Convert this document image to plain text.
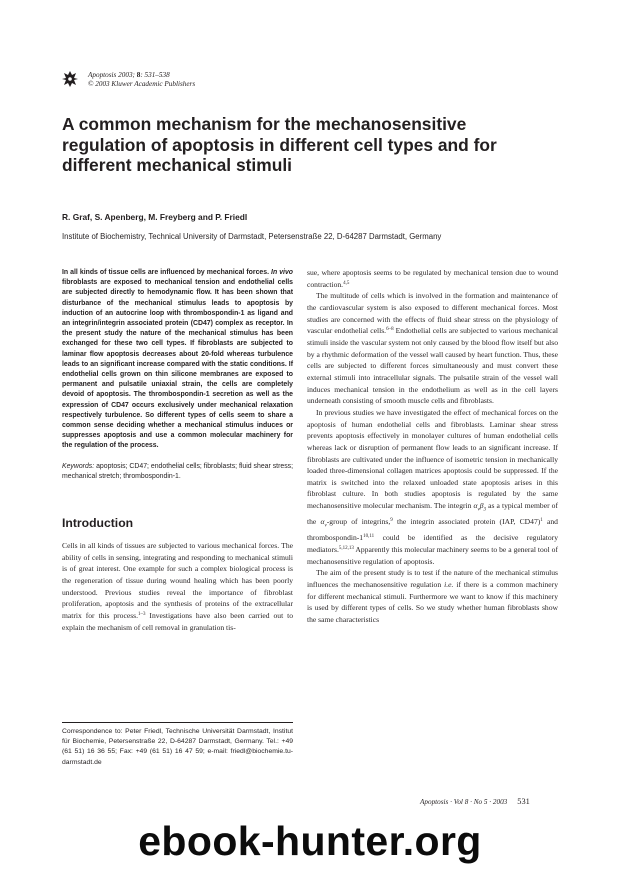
Apoptosis 2003; 8: 531–538
© 2003 Kluwer Academic Publishers
A common mechanism for the mechanosensitive regulation of apoptosis in different cell types and for different mechanical stimuli
R. Graf, S. Apenberg, M. Freyberg and P. Friedl
Institute of Biochemistry, Technical University of Darmstadt, Petersenstraße 22, D-64287 Darmstadt, Germany

In all kinds of tissue cells are influenced by mechanical forces. In vivo fibroblasts are exposed to mechanical tension and endothelial cells are subjected directly to hemodynamic flow. It has been shown that disturbance of the mechanical stimulus leads to apoptosis by induction of an autocrine loop with thrombospondin-1 as ligand and an integrin/integrin associated protein (CD47) complex as receptor. In the present study the nature of the mechanical stimulus has been exchanged for these two cell types. If fibroblasts are subjected to laminar flow apoptosis decreases about 20-fold whereas turbulence leads to an significant increase compared with the static conditions. If endothelial cells grown on thin silicone membranes are exposed to permanent and pulsatile uniaxial strain, the cells are completely devoid of apoptosis. The thrombospondin-1 secretion as well as the expression of CD47 occurs exclusively under mechanical relaxation respectively turbulence. So different types of cells seem to share a common sense deciding whether a mechanical stimulus induces or suppresses apoptosis and use a common molecular machinery for the regulation of the process.

Keywords: apoptosis; CD47; endothelial cells; fibroblasts; fluid shear stress; mechanical stretch; thrombospondin-1.

Introduction

Cells in all kinds of tissues are subjected to various mechanical forces. The ability of cells in sensing, integrating and responding to mechanical stimuli is of great interest. One example for such a complex biological process is the regeneration of tissue during wound healing which has been poorly understood. Previous studies reveal the importance of fibroblast proliferation, apoptosis and the synthesis of proteins of the extracellular matrix for this process.$^{1-3}$ Investigations have also been carried out to explain the mechanism of cell removal in granulation tis-

Correspondence to: Peter Friedl, Technische Universität Darmstadt, Institut für Biochemie, Petersenstraße 22, D-64287 Darmstadt, Germany. Tel.: +49 (61 51) 16 36 55; Fax: +49 (61 51) 16 47 59; e-mail: friedl@biochemie.tu-darmstadt.de

sue, where apoptosis seems to be regulated by mechanical tension due to wound contraction.$^{4,5}$

The multitude of cells which is involved in the formation and maintenance of the cardiovascular system is also exposed to different mechanical forces. Most studies are concerned with the effects of fluid shear stress on the physiology of vascular endothelial cells.$^{6-8}$ Endothelial cells are subjected to various mechanical stimuli inside the vascular system not only caused by the blood flow itself but also by a rhythmic deformation of the vessel wall caused by heart function. Thus, these cells are subjected to different forces simultaneously and must convert these external stimuli into intracellular signals. The pulsatile strain of the vessel wall induces mechanical tension in the endothelium as well as in the cell layers underneath consisting of smooth muscle cells and fibroblasts.

In previous studies we have investigated the effect of mechanical forces on the apoptosis of human endothelial cells and fibroblasts. Laminar shear stress prevents apoptosis effectively in monolayer cultures of human endothelial cells whereas lack or disruption of permanent flow leads to an significant increase. If fibroblasts are cultivated under the influence of isometric tension in mechanically loaded three-dimensional collagen matrices apoptosis could be suppressed. If the matrix is switched into the relaxed unloaded state apoptosis arises in this fibroblast culture. In both studies apoptosis is regulated by the same mechanosensitive molecular mechanism. The integrin $\alpha_v\beta_3$ as a typical member of the $\alpha_v$-group of integrins,$^9$ the integrin associated protein (IAP, CD47)$^1$ and thrombospondin-1$^{10,11}$ could be identified as the decisive regulatory mediators.$^{5,12,13}$ Apparently this molecular machinery seems to be a general tool of mechanosensitive regulation of apoptosis.

The aim of the present study is to test if the nature of the mechanical stimulus influences the mechanosensitive regulation i.e. if there is a common machinery for different mechanical stimuli. Furthermore we want to know if this machinery is used by different types of cells. So we study whether human fibroblasts show the same characteristics

Apoptosis · Vol 8 · No 5 · 2003 531
ebook-hunter.org
